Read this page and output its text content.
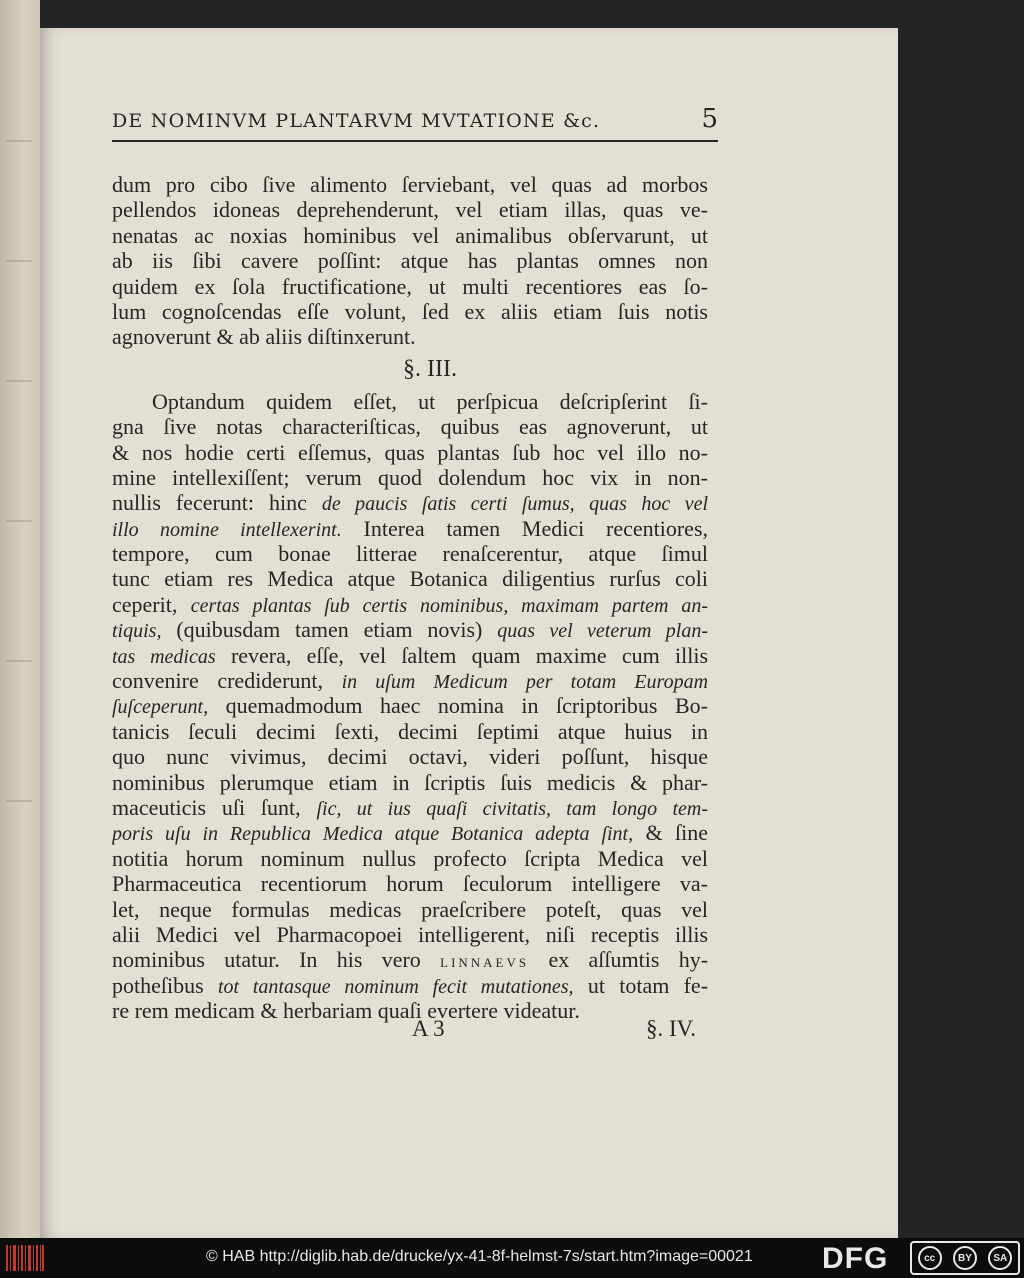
DE NOMINVM PLANTARVM MVTATIONE &c.	5
dum pro cibo ſive alimento ſerviebant, vel quas ad morbos
pellendos idoneas deprehenderunt, vel etiam illas, quas ve-
nenatas ac noxias hominibus vel animalibus obſervarunt, ut
ab iis ſibi cavere poſſint: atque has plantas omnes non
quidem ex ſola fructificatione, ut multi recentiores eas ſo-
lum cognoſcendas eſſe volunt, ſed ex aliis etiam ſuis notis
agnoverunt & ab aliis diſtinxerunt.
§. III.
Optandum quidem eſſet, ut perſpicua deſcripſerint ſi-
gna ſive notas characteriſticas, quibus eas agnoverunt, ut
& nos hodie certi eſſemus, quas plantas ſub hoc vel illo no-
mine intellexiſſent; verum quod dolendum hoc vix in non-
nullis fecerunt: hinc de paucis ſatis certi ſumus, quas hoc vel
illo nomine intellexerint. Interea tamen Medici recentiores,
tempore, cum bonae litterae renaſcerentur, atque ſimul
tunc etiam res Medica atque Botanica diligentius rurſus coli
ceperit, certas plantas ſub certis nominibus, maximam partem an-
tiquis, (quibusdam tamen etiam novis) quas vel veterum plan-
tas medicas revera, eſſe, vel ſaltem quam maxime cum illis
convenire crediderunt, in uſum Medicum per totam Europam
ſuſceperunt, quemadmodum haec nomina in ſcriptoribus Bo-
tanicis ſeculi decimi ſexti, decimi ſeptimi atque huius in
quo nunc vivimus, decimi octavi, videri poſſunt, hisque
nominibus plerumque etiam in ſcriptis ſuis medicis & phar-
maceuticis uſi ſunt, ſic, ut ius quaſi civitatis, tam longo tem-
poris uſu in Republica Medica atque Botanica adepta ſint, & ſine
notitia horum nominum nullus profecto ſcripta Medica vel
Pharmaceutica recentiorum horum ſeculorum intelligere va-
let, neque formulas medicas praeſcribere poteſt, quas vel
alii Medici vel Pharmacopoei intelligerent, niſi receptis illis
nominibus utatur. In his vero linnaevs ex aſſumtis hy-
potheſibus tot tantasque nominum fecit mutationes, ut totam fe-
re rem medicam & herbariam quaſi evertere videatur.
A 3	§. IV.
© HAB http://diglib.hab.de/drucke/yx-41-8f-helmst-7s/start.htm?image=00021 DFG	cc	BY	SA
